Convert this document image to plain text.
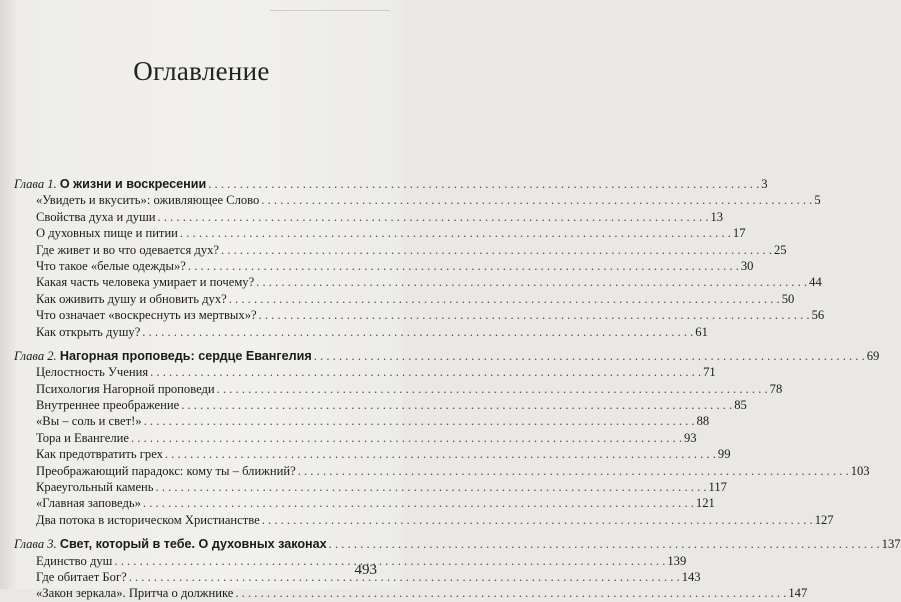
Оглавление
Глава 1. О жизни и воскресении . . .	3
«Увидеть и вкусить»: оживляющее Слово . . .	5
Свойства духа и души . . .	13
О духовных пище и питии . . .	17
Где живет и во что одевается дух? . . .	25
Что такое «белые одежды»? . . .	30
Какая часть человека умирает и почему? . . .	44
Как оживить душу и обновить дух? . . .	50
Что означает «воскреснуть из мертвых»? . . .	56
Как открыть душу? . . .	61
Глава 2. Нагорная проповедь: сердце Евангелия . . .	69
Целостность Учения . . .	71
Психология Нагорной проповеди . . .	78
Внутреннее преображение . . .	85
«Вы – соль и свет!» . . .	88
Тора и Евангелие . . .	93
Как предотвратить грех . . .	99
Преображающий парадокс: кому ты – ближний? . . .	103
Краеугольный камень . . .	117
«Главная заповедь» . . .	121
Два потока в историческом Христианстве . . .	127
Глава 3. Свет, который в тебе. О духовных законах . . .	137
Единство душ . . .	139
Где обитает Бог? . . .	143
«Закон зеркала». Притча о должнике . . .	147
493
